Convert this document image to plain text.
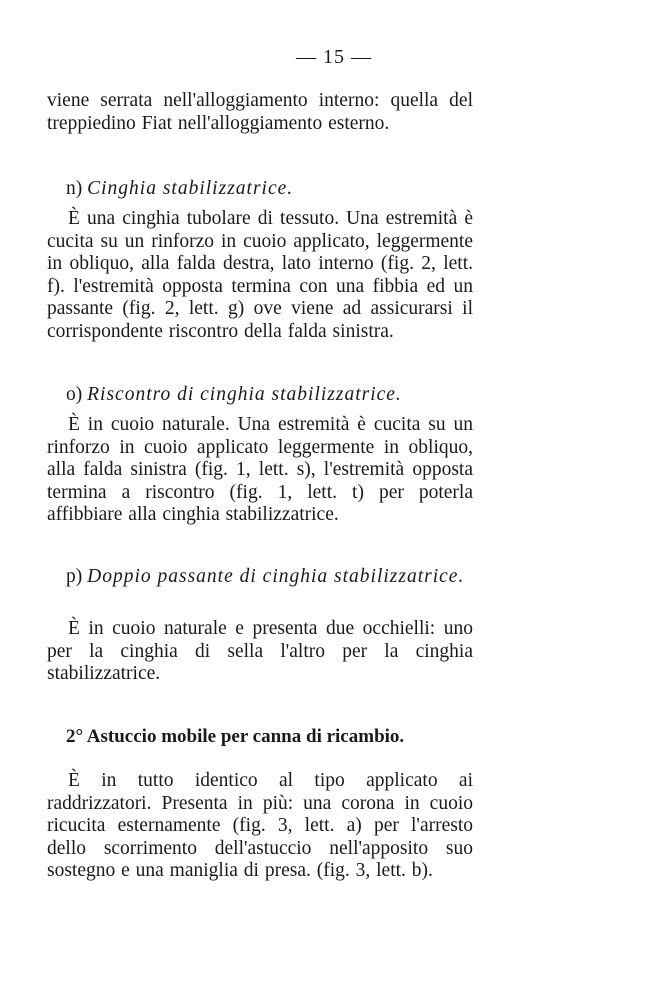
— 15 —
viene serrata nell'alloggiamento interno: quella del treppiedino Fiat nell'alloggiamento esterno.
n) Cinghia stabilizzatrice.
È una cinghia tubolare di tessuto. Una estremità è cucita su un rinforzo in cuoio applicato, leggermente in obliquo, alla falda destra, lato interno (fig. 2, lett. f). l'estremità opposta termina con una fibbia ed un passante (fig. 2, lett. g) ove viene ad assicurarsi il corrispondente riscontro della falda sinistra.
o) Riscontro di cinghia stabilizzatrice.
È in cuoio naturale. Una estremità è cucita su un rinforzo in cuoio applicato leggermente in obliquo, alla falda sinistra (fig. 1, lett. s), l'estremità opposta termina a riscontro (fig. 1, lett. t) per poterla affibbiare alla cinghia stabilizzatrice.
p) Doppio passante di cinghia stabilizzatrice.
È in cuoio naturale e presenta due occhielli: uno per la cinghia di sella l'altro per la cinghia stabilizzatrice.
2° Astuccio mobile per canna di ricambio.
È in tutto identico al tipo applicato ai raddrizzatori. Presenta in più: una corona in cuoio ricucita esternamente (fig. 3, lett. a) per l'arresto dello scorrimento dell'astuccio nell'apposito suo sostegno e una maniglia di presa. (fig. 3, lett. b).
